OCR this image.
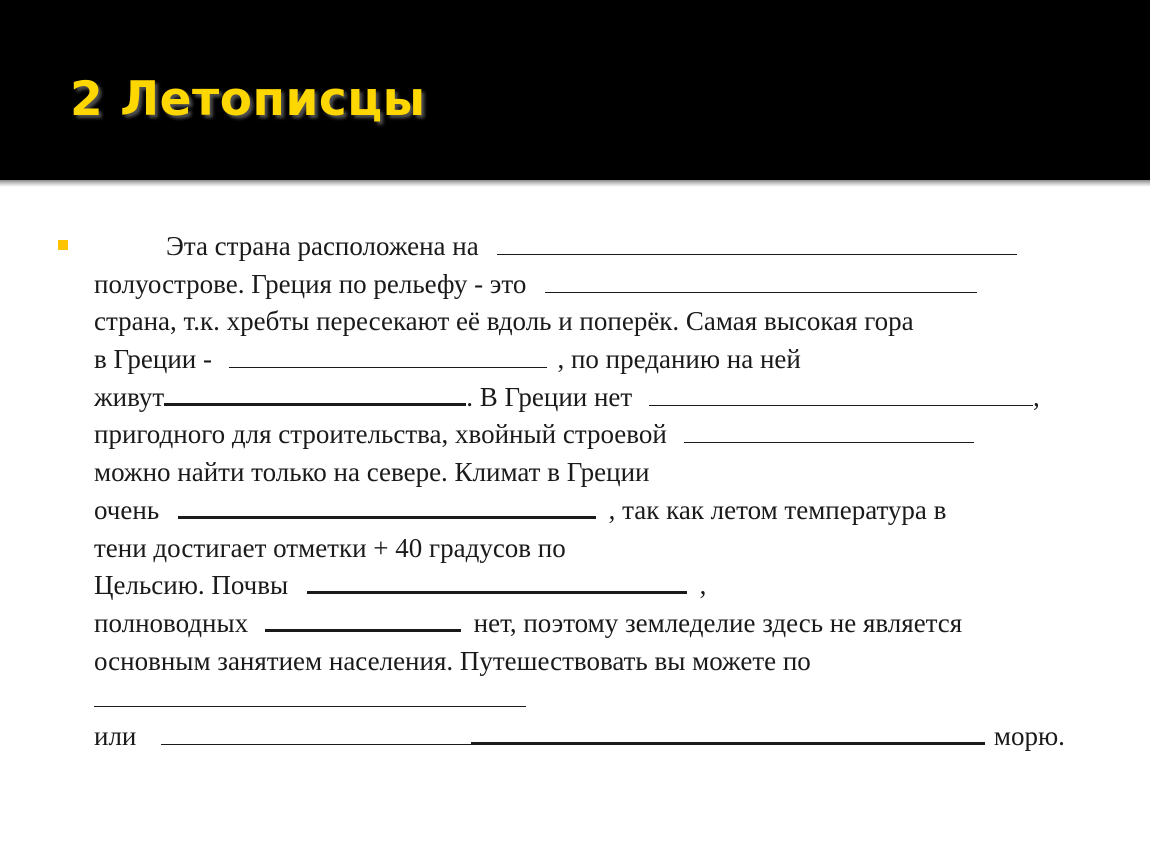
2 Летописцы
Эта страна расположена на
полуострове. Греция по рельефу - это
страна, т.к. хребты пересекают её вдоль и поперёк. Самая высокая гора
в Греции -	, по преданию на ней
живут	. В Греции нет	,
пригодного для строительства, хвойный строевой
можно найти только на севере. Климат в Греции
очень	, так как летом температура в
тени достигает отметки + 40 градусов по
Цельсию. Почвы	,
полноводных	нет, поэтому земледелие здесь не является
основным занятием населения. Путешествовать вы можете по
или	морю.
